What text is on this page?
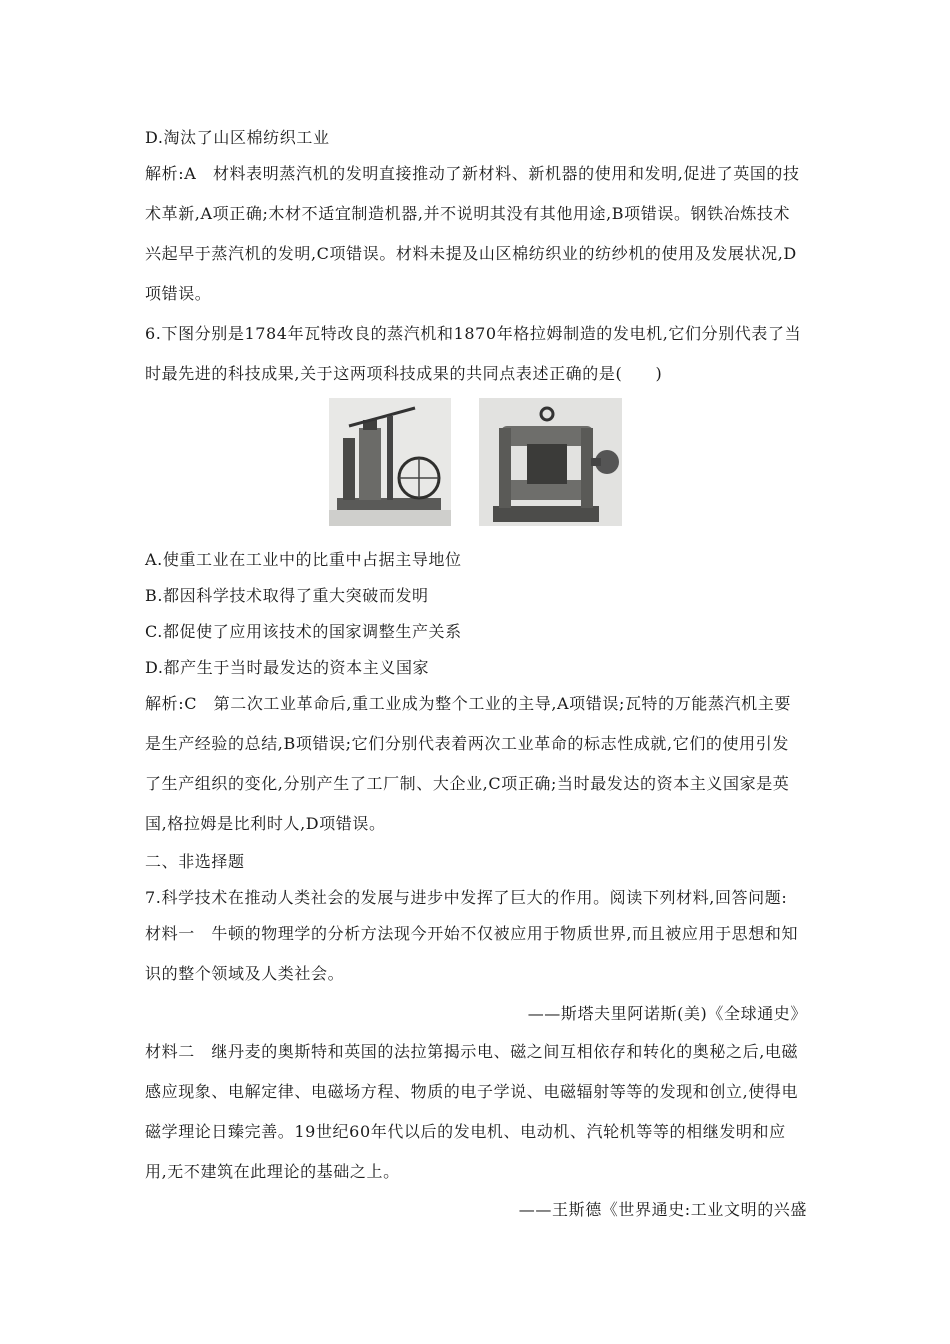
D.淘汰了山区棉纺织工业
解析:A　材料表明蒸汽机的发明直接推动了新材料、新机器的使用和发明,促进了英国的技
术革新,A项正确;木材不适宜制造机器,并不说明其没有其他用途,B项错误。钢铁冶炼技术
兴起早于蒸汽机的发明,C项错误。材料未提及山区棉纺织业的纺纱机的使用及发展状况,D
项错误。
6.下图分别是1784年瓦特改良的蒸汽机和1870年格拉姆制造的发电机,它们分别代表了当
时最先进的科技成果,关于这两项科技成果的共同点表述正确的是(　　)
A.使重工业在工业中的比重中占据主导地位
B.都因科学技术取得了重大突破而发明
C.都促使了应用该技术的国家调整生产关系
D.都产生于当时最发达的资本主义国家
解析:C　第二次工业革命后,重工业成为整个工业的主导,A项错误;瓦特的万能蒸汽机主要
是生产经验的总结,B项错误;它们分别代表着两次工业革命的标志性成就,它们的使用引发
了生产组织的变化,分别产生了工厂制、大企业,C项正确;当时最发达的资本主义国家是英
国,格拉姆是比利时人,D项错误。
二、非选择题
7.科学技术在推动人类社会的发展与进步中发挥了巨大的作用。阅读下列材料,回答问题:
材料一　牛顿的物理学的分析方法现今开始不仅被应用于物质世界,而且被应用于思想和知
识的整个领域及人类社会。
——斯塔夫里阿诺斯(美)《全球通史》
材料二　继丹麦的奥斯特和英国的法拉第揭示电、磁之间互相依存和转化的奥秘之后,电磁
感应现象、电解定律、电磁场方程、物质的电子学说、电磁辐射等等的发现和创立,使得电
磁学理论日臻完善。19世纪60年代以后的发电机、电动机、汽轮机等等的相继发明和应
用,无不建筑在此理论的基础之上。
——王斯德《世界通史:工业文明的兴盛
